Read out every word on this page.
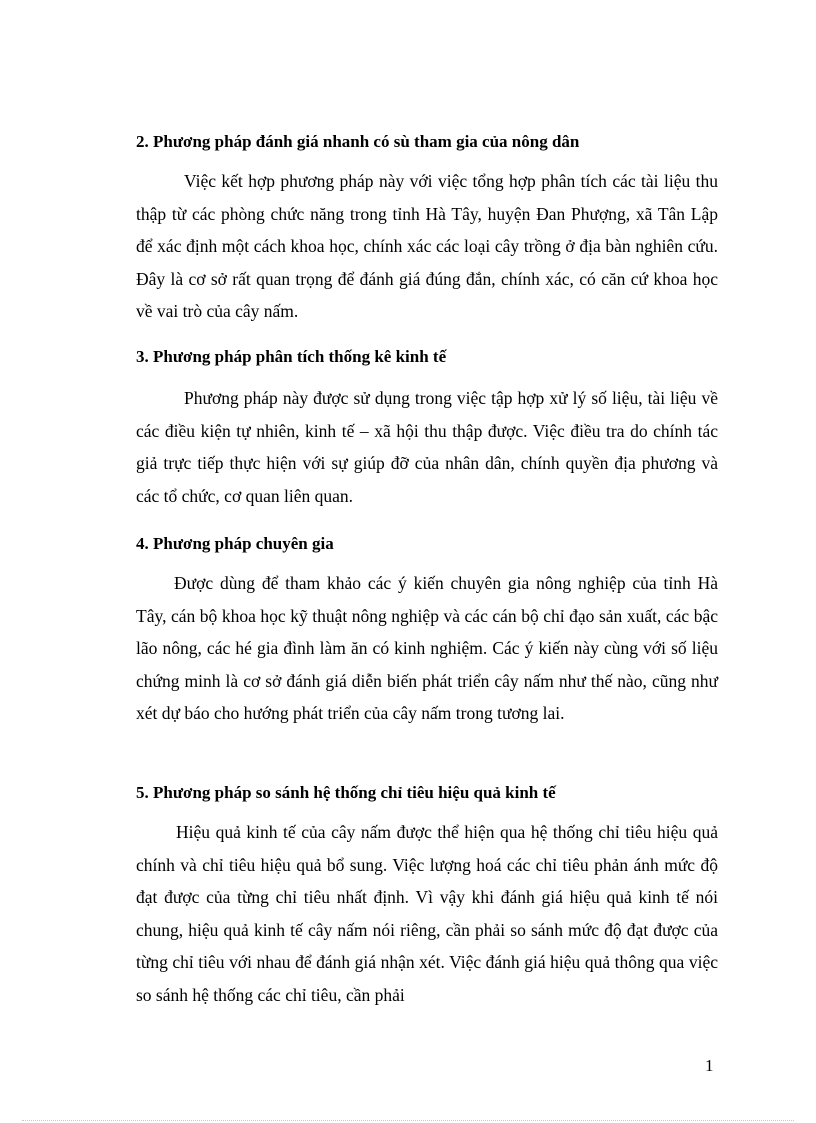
2. Phương pháp đánh giá nhanh có sù tham gia của nông dân

Việc kết hợp phương pháp này với việc tổng hợp phân tích các tài liệu thu thập từ các phòng chức năng trong tỉnh Hà Tây, huyện Đan Phượng, xã Tân Lập để xác định một cách khoa học, chính xác các loại cây trồng ở địa bàn nghiên cứu. Đây là cơ sở rất quan trọng để đánh giá đúng đắn, chính xác, có căn cứ khoa học về vai trò của cây nấm.

3. Phương pháp phân tích thống kê kinh tế

Phương pháp này được sử dụng trong việc tập hợp xử lý số liệu, tài liệu về các điều kiện tự nhiên, kinh tế – xã hội thu thập được. Việc điều tra do chính tác giả trực tiếp thực hiện với sự giúp đỡ của nhân dân, chính quyền địa phương và các tổ chức, cơ quan liên quan.

4. Phương pháp chuyên gia

Được dùng để tham khảo các ý kiến chuyên gia nông nghiệp của tỉnh Hà Tây, cán bộ khoa học kỹ thuật nông nghiệp và các cán bộ chỉ đạo sản xuất, các bậc lão nông, các hé gia đình làm ăn có kinh nghiệm. Các ý kiến này cùng với số liệu chứng minh là cơ sở đánh giá diễn biến phát triển cây nấm như thế nào, cũng như xét dự báo cho hướng phát triển của cây nấm trong tương lai.

5. Phương pháp so sánh hệ thống chỉ tiêu hiệu quả kinh tế

Hiệu quả kinh tế của cây nấm được thể hiện qua hệ thống chỉ tiêu hiệu quả chính và chỉ tiêu hiệu quả bổ sung. Việc lượng hoá các chỉ tiêu phản ánh mức độ đạt được của từng chỉ tiêu nhất định. Vì vậy khi đánh giá hiệu quả kinh tế nói chung, hiệu quả kinh tế cây nấm nói riêng, cần phải so sánh mức độ đạt được của từng chỉ tiêu với nhau để đánh giá nhận xét. Việc đánh giá hiệu quả thông qua việc so sánh hệ thống các chỉ tiêu, cần phải

1
